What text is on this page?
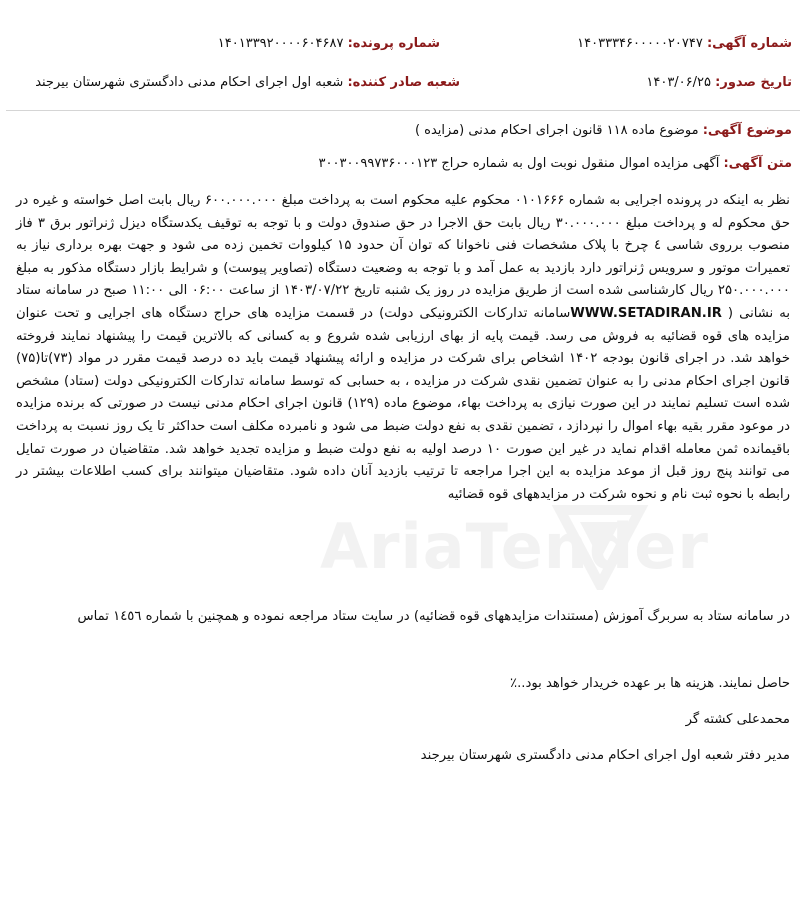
شماره آگهی: ۱۴۰۳۳۳۴۶۰۰۰۰۰۲۰۷۴۷
شماره پرونده: ۱۴۰۱۳۳۹۲۰۰۰۰۶۰۴۶۸۷
تاریخ صدور: ۱۴۰۳/۰۶/۲۵
شعبه صادر کننده: شعبه اول اجرای احکام مدنی دادگستری شهرستان بیرجند
موضوع آگهی: موضوع ماده ۱۱۸ قانون اجرای احکام مدنی (مزایده )
متن آگهی: آگهی مزایده اموال منقول نوبت اول به شماره حراج ۳۰۰۳۰۰۹۹۷۳۶۰۰۰۱۲۳
AriaTender
نظر به اینکه در پرونده اجرایی به شماره ۰۱۰۱۶۶۶ محکوم علیه محکوم است به پرداخت مبلغ ۶۰۰.۰۰۰.۰۰۰ ریال بابت اصل خواسته و غیره در حق محکوم له و پرداخت مبلغ ۳۰.۰۰۰.۰۰۰ ریال بابت حق الاجرا در حق صندوق دولت و با توجه به توقیف یکدستگاه دیزل ژنراتور برق ۳ فاز منصوب برروی شاسی ٤ چرخ با پلاک مشخصات فنی ناخوانا که توان آن حدود ۱۵ کیلووات تخمین زده می شود و جهت بهره برداری نیاز به تعمیرات موتور و سرویس ژنراتور دارد بازدید به عمل آمد و با توجه به وضعیت دستگاه (تصاویر پیوست) و شرایط بازار دستگاه مذکور به مبلغ ۲۵۰.۰۰۰.۰۰۰ ریال کارشناسی شده است از طریق مزایده در روز یک شنبه تاریخ ۱۴۰۳/۰۷/۲۲ از ساعت ۰۶:۰۰ الی ۱۱:۰۰ صبح در سامانه ستاد به نشانی ( WWW.SETADIRAN.IRسامانه تدارکات الکترونیکی دولت) در قسمت مزایده های حراج دستگاه های اجرایی و تحت عنوان مزایده های قوه قضائیه به فروش می رسد. قیمت پایه از بهای ارزیابی شده شروع و به کسانی که بالاترین قیمت را پیشنهاد نمایند فروخته خواهد شد. در اجرای قانون بودجه ۱۴۰۲ اشخاص برای شرکت در مزایده و ارائه پیشنهاد قیمت باید ده درصد قیمت مقرر در مواد (۷۳)تا(۷۵) قانون اجرای احکام مدنی را به عنوان تضمین نقدی شرکت در مزایده ، به حسابی که توسط سامانه تدارکات الکترونیکی دولت (ستاد) مشخص شده است تسلیم نمایند در این صورت نیازی به پرداخت بهاء، موضوع ماده (۱۲۹) قانون اجرای احکام مدنی نیست در صورتی که برنده مزایده در موعود مقرر بقیه بهاء اموال را نپردازد ، تضمین نقدی به نفع دولت ضبط می شود و نامبرده مکلف است حداکثر تا یک روز نسبت به پرداخت باقیمانده ثمن معامله اقدام نماید در غیر این صورت ۱۰ درصد اولیه به نفع دولت ضبط و مزایده تجدید خواهد شد. متقاضیان در صورت تمایل می توانند پنج روز قبل از موعد مزایده به این اجرا مراجعه تا ترتیب بازدید آنان داده شود. متقاضیان میتوانند برای کسب اطلاعات بیشتر در رابطه با نحوه ثبت نام و نحوه شرکت در مزایدههای قوه قضائیه
در سامانه ستاد به سربرگ آموزش (مستندات مزایدههای قوه قضائیه) در سایت ستاد مراجعه نموده و همچنین با شماره ۱٤٥٦ تماس
حاصل نمایند. هزینه ها بر عهده خریدار خواهد بود..٪
محمدعلی کشته گر
مدیر دفتر شعبه اول اجرای احکام مدنی دادگستری شهرستان بیرجند
